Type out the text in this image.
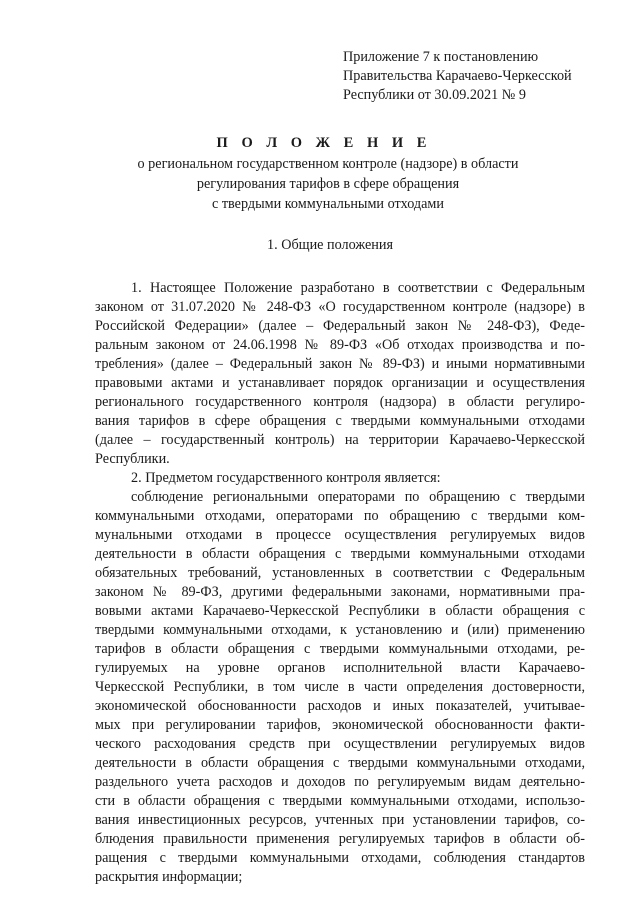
Приложение 7 к постановлению
Правительства Карачаево-Черкесской
Республики от 30.09.2021 № 9
П О Л О Ж Е Н И Е
о региональном государственном контроле (надзоре) в области
регулирования тарифов в сфере обращения
с твердыми коммунальными отходами
1. Общие положения
1. Настоящее Положение разработано в соответствии с Федеральным
законом от 31.07.2020 № 248-ФЗ «О государственном контроле (надзоре) в
Российской Федерации» (далее – Федеральный закон № 248-ФЗ), Феде-
ральным законом от 24.06.1998 № 89-ФЗ «Об отходах производства и по-
требления» (далее – Федеральный закон № 89-ФЗ) и иными нормативными
правовыми актами и устанавливает порядок организации и осуществления
регионального государственного контроля (надзора) в области регулиро-
вания тарифов в сфере обращения с твердыми коммунальными отходами
(далее – государственный контроль) на территории Карачаево-Черкесской
Республики.
2. Предметом государственного контроля является:
соблюдение региональными операторами по обращению с твердыми
коммунальными отходами, операторами по обращению с твердыми ком-
мунальными отходами в процессе осуществления регулируемых видов
деятельности в области обращения с твердыми коммунальными отходами
обязательных требований, установленных в соответствии с Федеральным
законом № 89-ФЗ, другими федеральными законами, нормативными пра-
вовыми актами Карачаево-Черкесской Республики в области обращения с
твердыми коммунальными отходами, к установлению и (или) применению
тарифов в области обращения с твердыми коммунальными отходами, ре-
гулируемых на уровне органов исполнительной власти Карачаево-
Черкесской Республики, в том числе в части определения достоверности,
экономической обоснованности расходов и иных показателей, учитывае-
мых при регулировании тарифов, экономической обоснованности факти-
ческого расходования средств при осуществлении регулируемых видов
деятельности в области обращения с твердыми коммунальными отходами,
раздельного учета расходов и доходов по регулируемым видам деятельно-
сти в области обращения с твердыми коммунальными отходами, использо-
вания инвестиционных ресурсов, учтенных при установлении тарифов, со-
блюдения правильности применения регулируемых тарифов в области об-
ращения с твердыми коммунальными отходами, соблюдения стандартов
раскрытия информации;
